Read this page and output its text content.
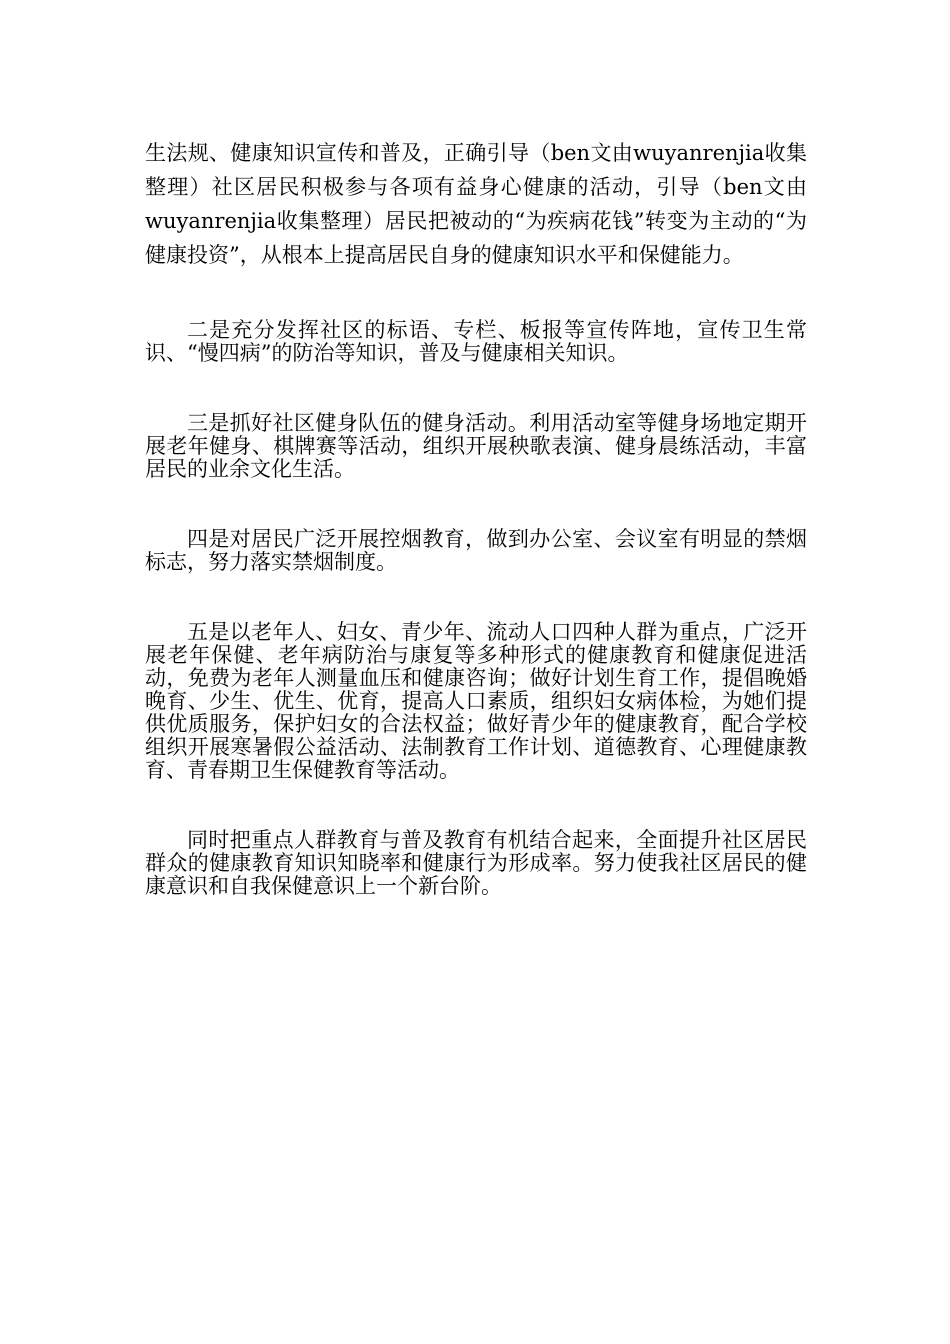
生法规、健康知识宣传和普及，正确引导（ben文由wuyanrenjia收集整理）社区居民积极参与各项有益身心健康的活动，引导（ben文由wuyanrenjia收集整理）居民把被动的“为疾病花钱”转变为主动的“为健康投资”，从根本上提高居民自身的健康知识水平和保健能力。

二是充分发挥社区的标语、专栏、板报等宣传阵地，宣传卫生常识、“慢四病”的防治等知识，普及与健康相关知识。

三是抓好社区健身队伍的健身活动。利用活动室等健身场地定期开展老年健身、棋牌赛等活动，组织开展秧歌表演、健身晨练活动，丰富居民的业余文化生活。

四是对居民广泛开展控烟教育，做到办公室、会议室有明显的禁烟标志，努力落实禁烟制度。

五是以老年人、妇女、青少年、流动人口四种人群为重点，广泛开展老年保健、老年病防治与康复等多种形式的健康教育和健康促进活动，免费为老年人测量血压和健康咨询；做好计划生育工作，提倡晚婚晚育、少生、优生、优育，提高人口素质，组织妇女病体检，为她们提供优质服务，保护妇女的合法权益；做好青少年的健康教育，配合学校组织开展寒暑假公益活动、法制教育工作计划、道德教育、心理健康教育、青春期卫生保健教育等活动。

同时把重点人群教育与普及教育有机结合起来，全面提升社区居民群众的健康教育知识知晓率和健康行为形成率。努力使我社区居民的健康意识和自我保健意识上一个新台阶。
